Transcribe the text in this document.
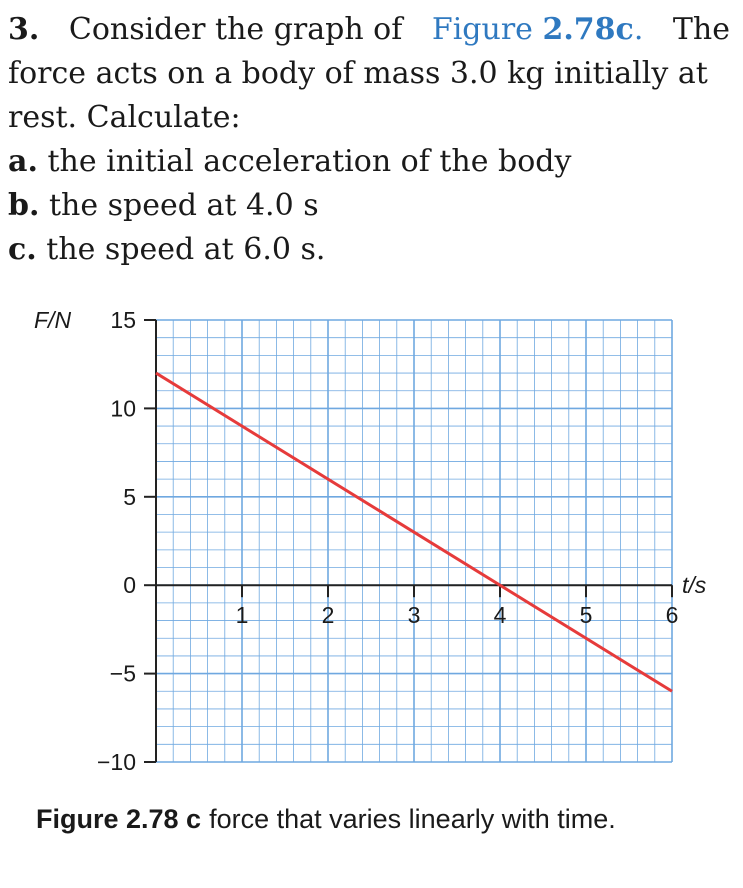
3. Consider the graph of Figure 2.78c. The
force acts on a body of mass 3.0 kg initially at
rest. Calculate:
a. the initial acceleration of the body
b. the speed at 4.0 s
c. the speed at 6.0 s.
15
10
5
0
−5
−10
1	2	3	4	5	6
F/N
t/s
Figure 2.78 c force that varies linearly with time.
